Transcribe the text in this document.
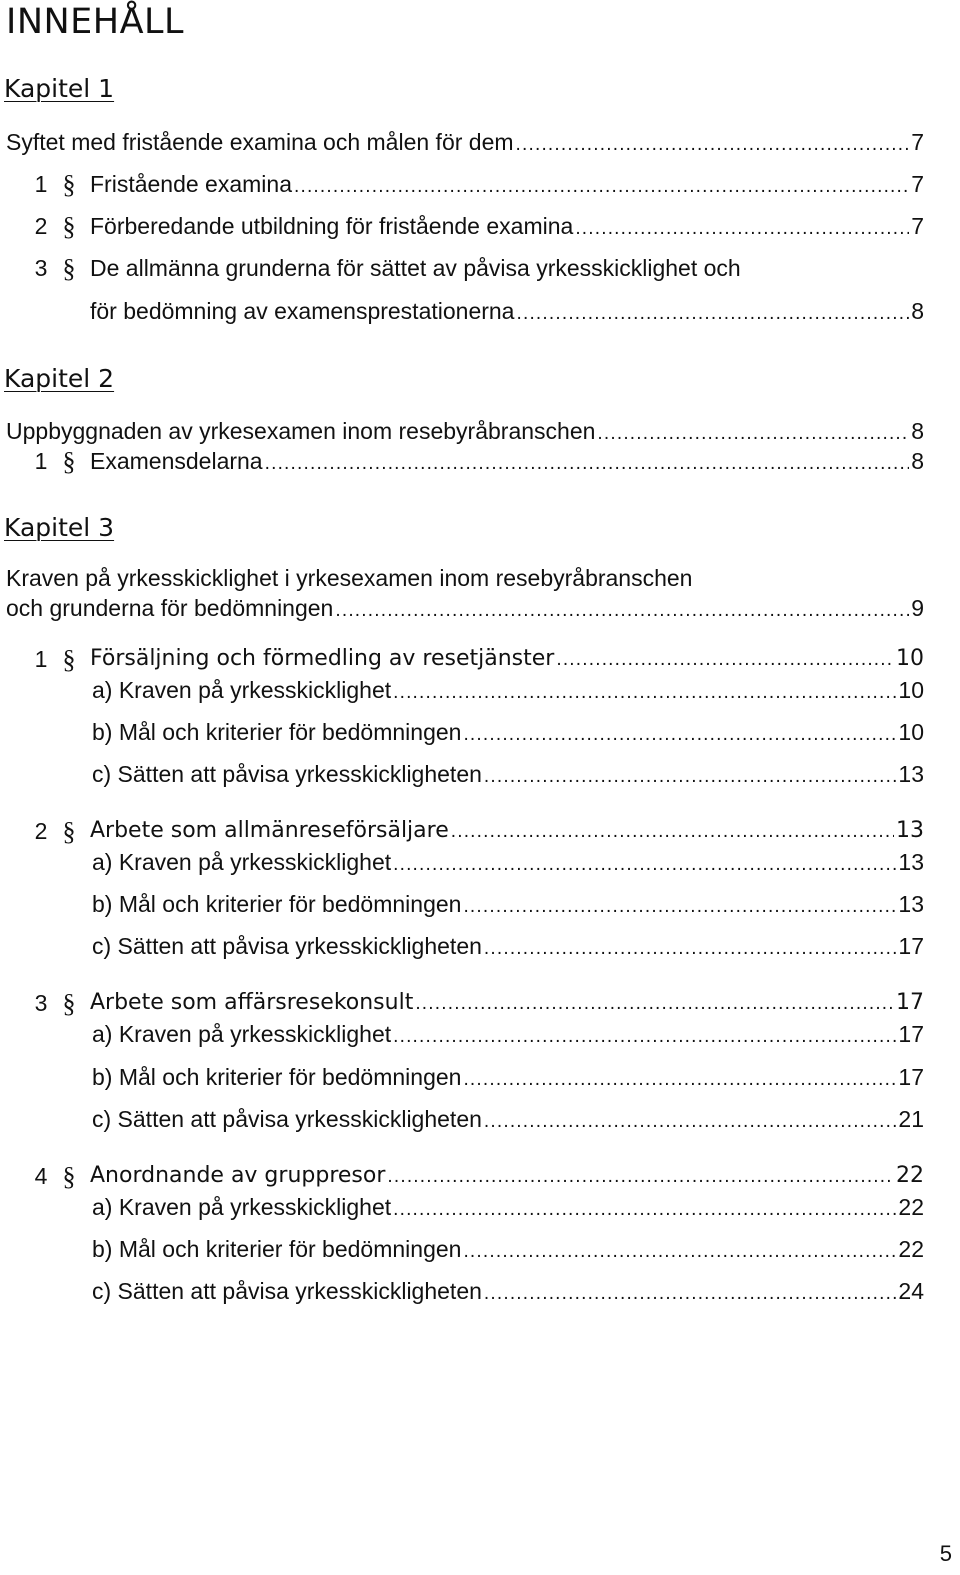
INNEHÅLL
Kapitel 1
Syftet med fristående examina och målen för dem .....	7
1 § Fristående examina .....	7
2 § Förberedande utbildning för fristående examina .....	7
3 § De allmänna grunderna för sättet av påvisa yrkesskicklighet och
för bedömning av examensprestationerna .....	8
Kapitel 2
Uppbyggnaden av yrkesexamen inom resebyråbranschen .....	8
1 § Examensdelarna .....	8
Kapitel 3
Kraven på yrkesskicklighet i yrkesexamen inom resebyråbranschen
och grunderna för bedömningen .....	9
1 § Försäljning och förmedling av resetjänster .....	10
a) Kraven på yrkesskicklighet .....	10
b) Mål och kriterier för bedömningen .....	10
c) Sätten att påvisa yrkesskickligheten .....	13
2 § Arbete som allmänreseförsäljare .....	13
a) Kraven på yrkesskicklighet .....	13
b) Mål och kriterier för bedömningen .....	13
c) Sätten att påvisa yrkesskickligheten .....	17
3 § Arbete som affärsresekonsult .....	17
a) Kraven på yrkesskicklighet .....	17
b) Mål och kriterier för bedömningen .....	17
c) Sätten att påvisa yrkesskickligheten .....	21
4 § Anordnande av gruppresor .....	22
a) Kraven på yrkesskicklighet .....	22
b) Mål och kriterier för bedömningen .....	22
c) Sätten att påvisa yrkesskickligheten .....	24
5
